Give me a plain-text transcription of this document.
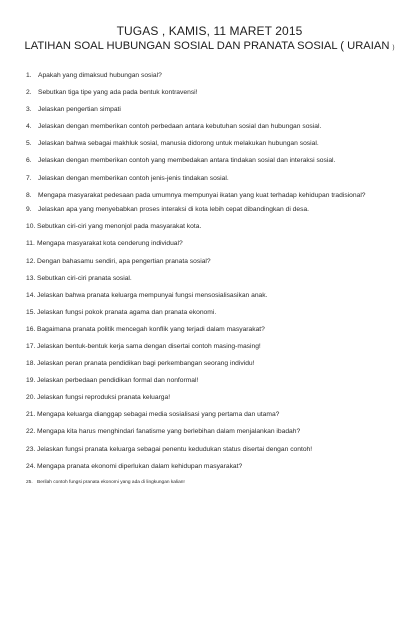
TUGAS , KAMIS, 11 MARET 2015
LATIHAN SOAL HUBUNGAN SOSIAL DAN PRANATA SOSIAL ( URAIAN )
1. Apakah yang dimaksud hubungan sosial?
2. Sebutkan tiga tipe yang ada pada bentuk kontravensi!
3. Jelaskan pengertian simpati
4. Jelaskan dengan memberikan contoh perbedaan antara kebutuhan sosial dan hubungan sosial.
5. Jelaskan bahwa sebagai makhluk sosial, manusia didorong untuk melakukan hubungan sosial.
6. Jelaskan dengan memberikan contoh yang membedakan antara tindakan sosial dan interaksi sosial.
7. Jelaskan dengan memberikan contoh jenis-jenis tindakan sosial.
8. Mengapa masyarakat pedesaan pada umumnya mempunyai ikatan yang kuat terhadap kehidupan tradisional?
9. Jelaskan apa yang menyebabkan proses interaksi di kota lebih cepat dibandingkan di desa.
10. Sebutkan ciri-ciri yang menonjol pada masyarakat kota.
11. Mengapa masyarakat kota cenderung individual?
12. Dengan bahasamu sendiri, apa pengertian pranata sosial?
13. Sebutkan ciri-ciri pranata sosial.
14. Jelaskan bahwa pranata keluarga mempunyai fungsi mensosialisasikan anak.
15. Jelaskan fungsi pokok pranata agama dan pranata ekonomi.
16. Bagaimana pranata politik mencegah konflik yang terjadi dalam masyarakat?
17. Jelaskan bentuk-bentuk kerja sama dengan disertai contoh masing-masing!
18. Jelaskan peran pranata pendidikan bagi perkembangan seorang individu!
19. Jelaskan perbedaan pendidikan formal dan nonformal!
20. Jelaskan fungsi reproduksi pranata keluarga!
21. Mengapa keluarga dianggap sebagai media sosialisasi yang pertama dan utama?
22. Mengapa kita harus menghindari fanatisme yang berlebihan dalam menjalankan ibadah?
23. Jelaskan fungsi pranata keluarga sebagai penentu kedudukan status disertai dengan contoh!
24. Mengapa pranata ekonomi diperlukan dalam kehidupan masyarakat?
25. Berilah contoh fungsi pranata ekonomi yang ada di lingkungan kalian!
